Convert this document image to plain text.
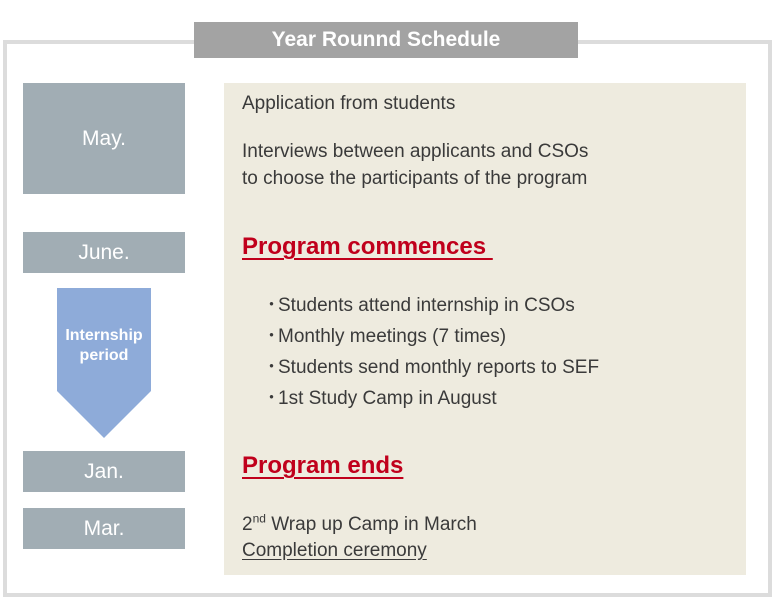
Year Rounnd Schedule
May.
June.
Jan.
Mar.
Internship
period
Application from students
Interviews between applicants and CSOs
to choose the participants of the program
Program commences
・Students attend internship in CSOs
・Monthly meetings (7 times)
・Students send monthly reports to SEF
・1st Study Camp in August
Program ends
2nd Wrap up Camp in March
Completion ceremony
